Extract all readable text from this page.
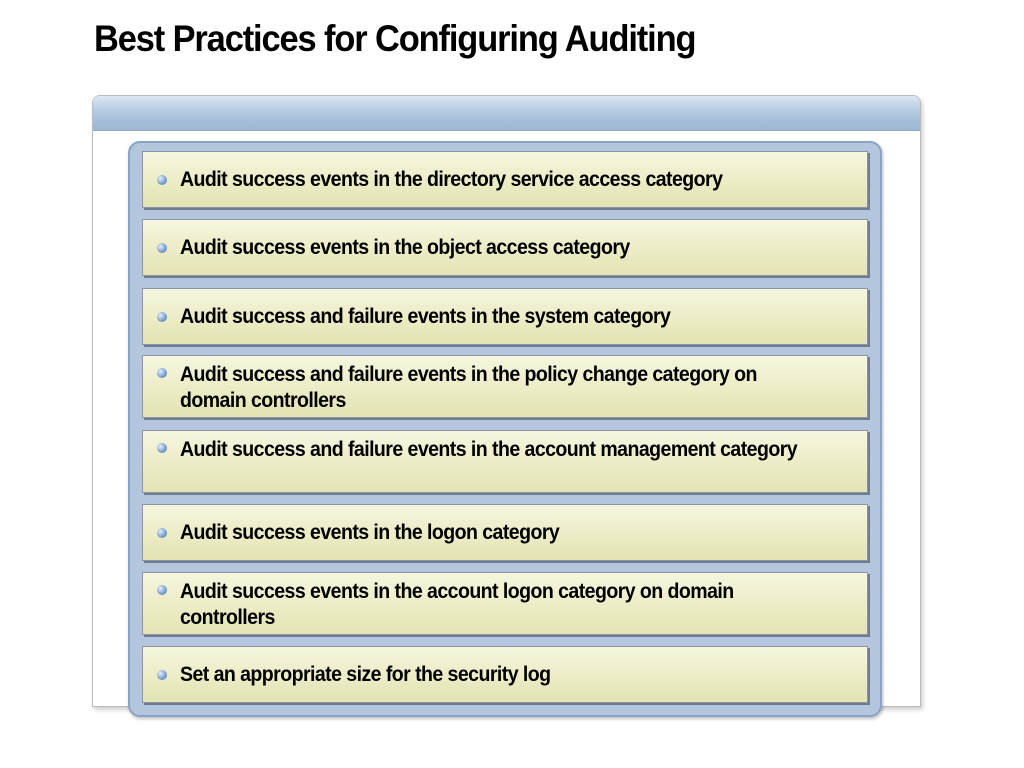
Best Practices for Configuring Auditing
Audit success events in the directory service access category
Audit success events in the object access category
Audit success and failure events in the system category
Audit success and failure events in the policy change category on domain controllers
Audit success and failure events in the account management category
Audit success events in the logon category
Audit success events in the account logon category on domain controllers
Set an appropriate size for the security log
